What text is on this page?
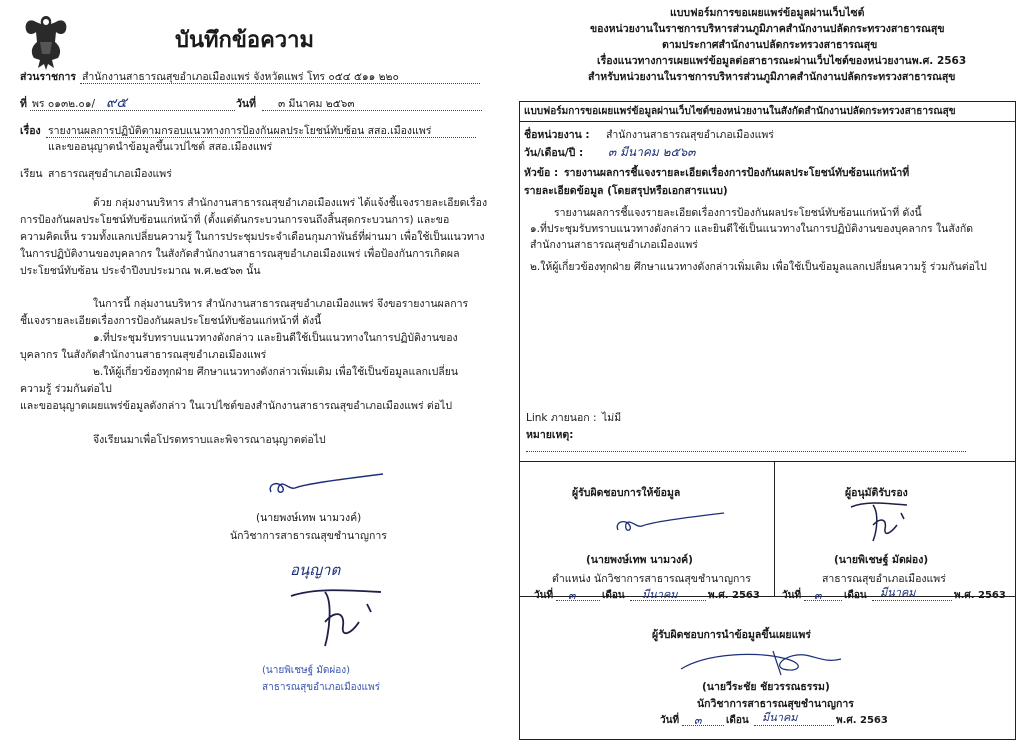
บันทึกข้อความ
ส่วนราชการ สำนักงานสาธารณสุขอำเภอเมืองแพร่ จังหวัดแพร่ โทร ๐๕๔ ๕๑๑ ๒๒๐
ที่ พร ๐๑๓๒.๐๑/ ๙๕	วันที่ ๓ มีนาคม ๒๕๖๓
เรื่อง รายงานผลการปฏิบัติตามกรอบแนวทางการป้องกันผลประโยชน์ทับซ้อน สสอ.เมืองแพร่
และขออนุญาตนำข้อมูลขึ้นเวปไซต์ สสอ.เมืองแพร่
เรียน สาธารณสุขอำเภอเมืองแพร่
ด้วย กลุ่มงานบริหาร สำนักงานสาธารณสุขอำเภอเมืองแพร่ ได้แจ้งชี้แจงรายละเอียดเรื่อง
การป้องกันผลประโยชน์ทับซ้อนแก่หน้าที่ (ตั้งแต่ต้นกระบวนการจนถึงสิ้นสุดกระบวนการ) และขอ
ความคิดเห็น รวมทั้งแลกเปลี่ยนความรู้ ในการประชุมประจำเดือนกุมภาพันธ์ที่ผ่านมา เพื่อใช้เป็นแนวทาง
ในการปฏิบัติงานของบุคลากร ในสังกัดสำนักงานสาธารณสุขอำเภอเมืองแพร่ เพื่อป้องกันการเกิดผล
ประโยชน์ทับซ้อน ประจำปีงบประมาณ พ.ศ.๒๕๖๓ นั้น
ในการนี้ กลุ่มงานบริหาร สำนักงานสาธารณสุขอำเภอเมืองแพร่ จึงขอรายงานผลการ
ชี้แจงรายละเอียดเรื่องการป้องกันผลประโยชน์ทับซ้อนแก่หน้าที่ ดังนี้
๑.ที่ประชุมรับทราบแนวทางดังกล่าว และยินดีใช้เป็นแนวทางในการปฏิบัติงานของ
บุคลากร ในสังกัดสำนักงานสาธารณสุขอำเภอเมืองแพร่
๒.ให้ผู้เกี่ยวข้องทุกฝ่าย ศึกษาแนวทางดังกล่าวเพิ่มเติม เพื่อใช้เป็นข้อมูลแลกเปลี่ยน
ความรู้ ร่วมกันต่อไป
และขออนุญาตเผยแพร่ข้อมูลดังกล่าว ในเวปไซต์ของสำนักงานสาธารณสุขอำเภอเมืองแพร่ ต่อไป
จึงเรียนมาเพื่อโปรดทราบและพิจารณาอนุญาตต่อไป
(นายพงษ์เทพ นามวงค์)
นักวิชาการสาธารณสุขชำนาญการ
อนุญาต
(นายพิเชษฐ์ มัดผ่อง)
สาธารณสุขอำเภอเมืองแพร่
แบบฟอร์มการขอเผยแพร่ข้อมูลผ่านเว็บไซต์
ของหน่วยงานในราชการบริหารส่วนภูมิภาคสำนักงานปลัดกระทรวงสาธารณสุข
ตามประกาศสำนักงานปลัดกระทรวงสาธารณสุข
เรื่องแนวทางการเผยแพร่ข้อมูลต่อสาธารณะผ่านเว็บไซต์ของหน่วยงานพ.ศ. 2563
สำหรับหน่วยงานในราชการบริหารส่วนภูมิภาคสำนักงานปลัดกระทรวงสาธารณสุข
แบบฟอร์มการขอเผยแพร่ข้อมูลผ่านเว็บไซต์ของหน่วยงานในสังกัดสำนักงานปลัดกระทรวงสาธารณสุข
ชื่อหน่วยงาน : สำนักงานสาธารณสุขอำเภอเมืองแพร่
วัน/เดือน/ปี : ๓ มีนาคม ๒๕๖๓
หัวข้อ : รายงานผลการชี้แจงรายละเอียดเรื่องการป้องกันผลประโยชน์ทับซ้อนแก่หน้าที่
รายละเอียดข้อมูล (โดยสรุปหรือเอกสารแนบ)
รายงานผลการชี้แจงรายละเอียดเรื่องการป้องกันผลประโยชน์ทับซ้อนแก่หน้าที่ ดังนี้
๑.ที่ประชุมรับทราบแนวทางดังกล่าว และยินดีใช้เป็นแนวทางในการปฏิบัติงานของบุคลากร ในสังกัด
สำนักงานสาธารณสุขอำเภอเมืองแพร่
๒.ให้ผู้เกี่ยวข้องทุกฝ่าย ศึกษาแนวทางดังกล่าวเพิ่มเติม เพื่อใช้เป็นข้อมูลแลกเปลี่ยนความรู้ ร่วมกันต่อไป
Link ภายนอก : ไม่มี
หมายเหตุ:
ผู้รับผิดชอบการให้ข้อมูล
(นายพงษ์เทพ นามวงค์)
ตำแหน่ง นักวิชาการสาธารณสุขชำนาญการ
วันที่ ๓	เดือน มีนาคม	พ.ศ. 2563
ผู้อนุมัติรับรอง
(นายพิเชษฐ์ มัดผ่อง)
สาธารณสุขอำเภอเมืองแพร่
วันที่ ๓ เดือน มีนาคม	พ.ศ. 2563
ผู้รับผิดชอบการนำข้อมูลขึ้นเผยแพร่
(นายวีระชัย ชัยวรรณธรรม)
นักวิชาการสาธารณสุขชำนาญการ
วันที่ ๓ เดือน มีนาคม	พ.ศ. 2563
